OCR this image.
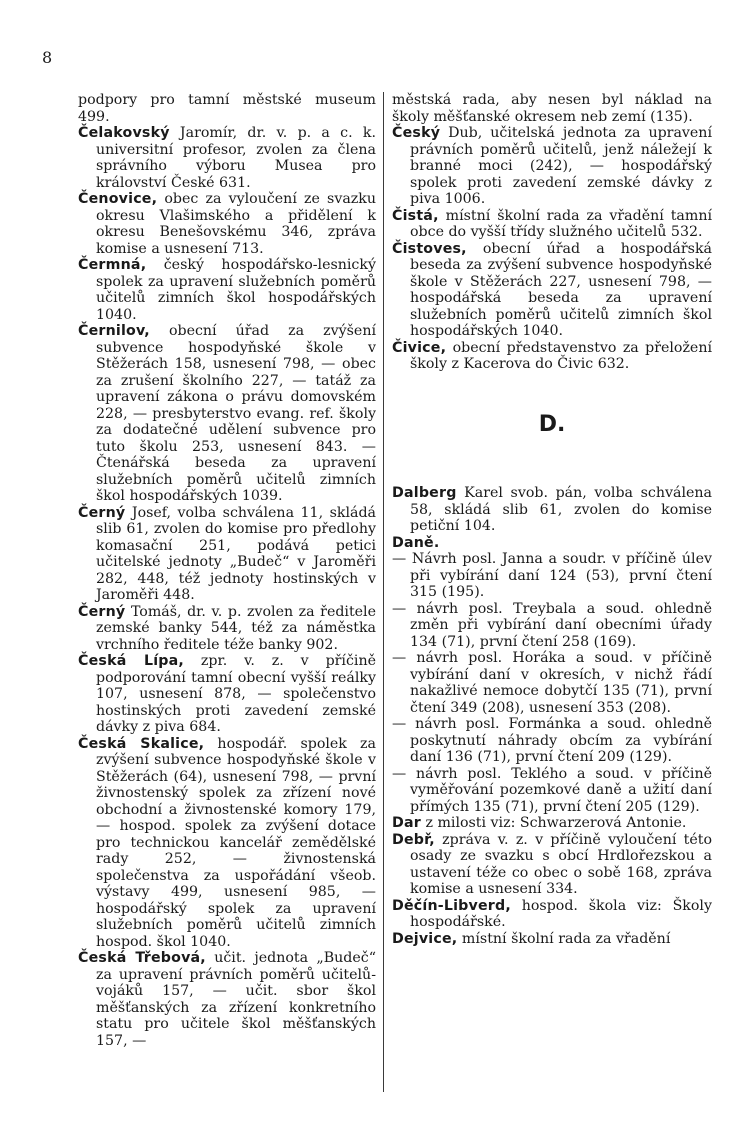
8

podpory pro tamní městské museum 499.

Čelakovský Jaromír, dr. v. p. a c. k. universitní profesor, zvolen za člena správního výboru Musea pro království České 631.

Čenovice, obec za vyloučení ze svazku okresu Vlašimského a přidělení k okresu Benešovskému 346, zpráva komise a usnesení 713.

Čermná, český hospodářsko-lesnický spolek za upravení služebních poměrů učitelů zimních škol hospodářských 1040.

Černilov, obecní úřad za zvýšení subvence hospodyňské škole v Stěžerách 158, usnesení 798, — obec za zrušení školního 227, — tatáž za upravení zákona o právu domovském 228, — presbyterstvo evang. ref. školy za dodatečné udělení subvence pro tuto školu 253, usnesení 843. — Čtenářská beseda za upravení služebních poměrů učitelů zimních škol hospodářských 1039.

Černý Josef, volba schválena 11, skládá slib 61, zvolen do komise pro předlohy komasační 251, podává petici učitelské jednoty „Budeč“ v Jaroměři 282, 448, též jednoty hostinských v Jaroměři 448.

Černý Tomáš, dr. v. p. zvolen za ředitele zemské banky 544, též za náměstka vrchního ředitele téže banky 902.

Česká Lípa, zpr. v. z. v příčině podporování tamní obecní vyšší reálky 107, usnesení 878, — společenstvo hostinských proti zavedení zemské dávky z piva 684.

Česká Skalice, hospodář. spolek za zvýšení subvence hospodyňské škole v Stěžerách (64), usnesení 798, — první živnostenský spolek za zřízení nové obchodní a živnostenské komory 179, — hospod. spolek za zvýšení dotace pro technickou kancelář zemědělské rady 252, — živnostenská společenstva za uspořádání všeob. výstavy 499, usnesení 985, — hospodářský spolek za upravení služebních poměrů učitelů zimních hospod. škol 1040.

Česká Třebová, učit. jednota „Budeč“ za upravení právních poměrů učitelů-vojáků 157, — učit. sbor škol měšťanských za zřízení konkretního statu pro učitele škol měšťanských 157, —

městská rada, aby nesen byl náklad na školy měšťanské okresem neb zemí (135).

Český Dub, učitelská jednota za upravení právních poměrů učitelů, jenž náležejí k branné moci (242), — hospodářský spolek proti zavedení zemské dávky z piva 1006.

Čistá, místní školní rada za vřadění tamní obce do vyšší třídy služného učitelů 532.

Čistoves, obecní úřad a hospodářská beseda za zvýšení subvence hospodyňské škole v Stěžerách 227, usnesení 798, — hospodářská beseda za upravení služebních poměrů učitelů zimních škol hospodářských 1040.

Čivice, obecní představenstvo za přeložení školy z Kacerova do Čivic 632.

D.

Dalberg Karel svob. pán, volba schválena 58, skládá slib 61, zvolen do komise petiční 104.

Daně.

— Návrh posl. Janna a soudr. v příčině úlev při vybírání daní 124 (53), první čtení 315 (195).

— návrh posl. Treybala a soud. ohledně změn při vybírání daní obecními úřady 134 (71), první čtení 258 (169).

— návrh posl. Horáka a soud. v příčině vybírání daní v okresích, v nichž řádí nakažlivé nemoce dobytčí 135 (71), první čtení 349 (208), usnesení 353 (208).

— návrh posl. Formánka a soud. ohledně poskytnutí náhrady obcím za vybírání daní 136 (71), první čtení 209 (129).

— návrh posl. Teklého a soud. v příčině vyměřování pozemkové daně a užití daní přímých 135 (71), první čtení 205 (129).

Dar z milosti viz: Schwarzerová Antonie.

Debř, zpráva v. z. v příčině vyloučení této osady ze svazku s obcí Hrdlořezskou a ustavení téže co obec o sobě 168, zpráva komise a usnesení 334.

Děčín-Libverd, hospod. škola viz: Školy hospodářské.

Dejvice, místní školní rada za vřadění
